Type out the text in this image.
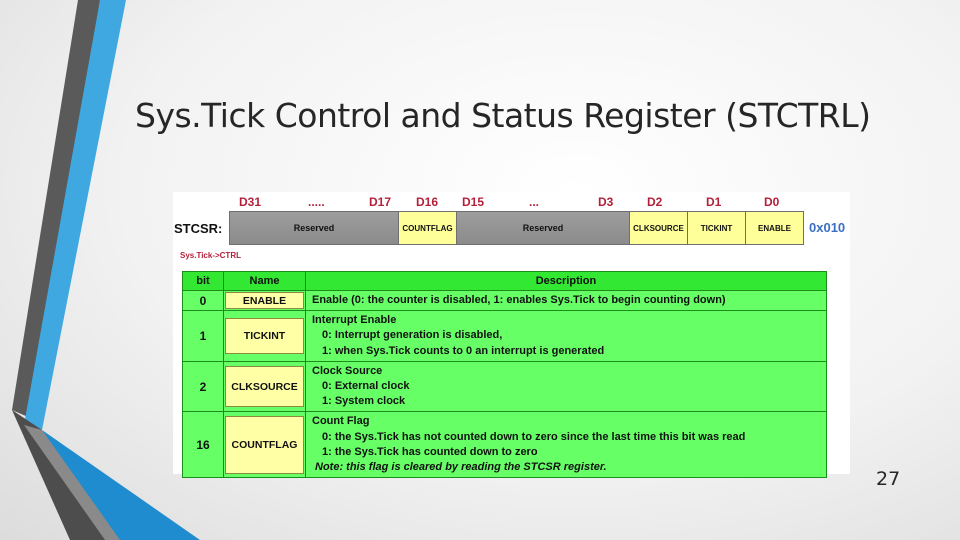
Sys.Tick Control and Status Register (STCTRL)
D31	.....	D17 D16 D15	...	D3	D2	D1	D0
STCSR:	Reserved	COUNTFLAG	Reserved	CLKSOURCE	TICKINT	ENABLE	0x010
Sys.Tick->CTRL
bit	Name	Description
0	ENABLE	Enable (0: the counter is disabled, 1: enables Sys.Tick to begin counting down)
1	TICKINT	Interrupt Enable
0: Interrupt generation is disabled,
1: when Sys.Tick counts to 0 an interrupt is generated

2	CLKSOURCE	Clock Source
0: External clock
1: System clock

16	COUNTFLAG	Count Flag
0: the Sys.Tick has not counted down to zero since the last time this bit was read
1: the Sys.Tick has counted down to zero
Note: this flag is cleared by reading the STCSR register.
27
